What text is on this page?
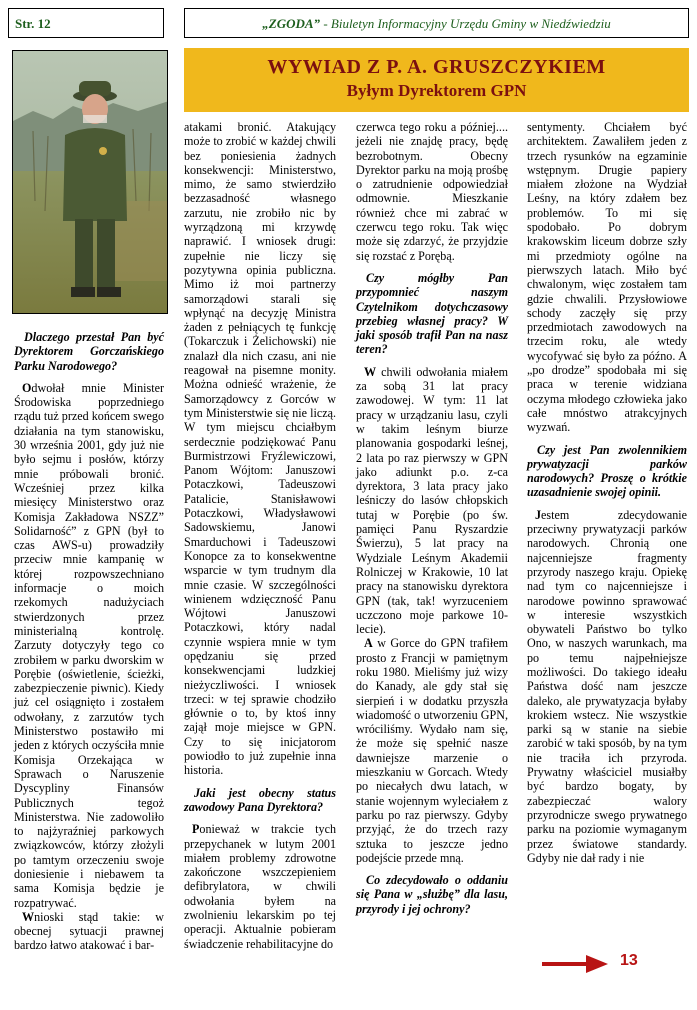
Str. 12	„ZGODA” - Biuletyn Informacyjny Urzędu Gminy w Niedźwiedziu
WYWIAD Z P. A. GRUSZCZYKIEM
Byłym Dyrektorem GPN

Dlaczego przestał Pan być Dyrektorem Gorczańskiego Parku Narodowego?

Odwołał mnie Minister Środowiska poprzedniego rządu tuż przed końcem swego działania na tym stanowisku, 30 września 2001, gdy już nie było sejmu i posłów, którzy mnie próbowali bronić. Wcześniej przez kilka miesięcy Ministerstwo oraz Komisja Zakładowa NSZZ” Solidarność” z GPN (był to czas AWS-u) prowadziły przeciw mnie kampanię w której rozpowszechniano informacje o moich rzekomych nadużyciach stwierdzonych przez ministerialną kontrolę. Zarzuty dotyczyły tego co zrobiłem w parku dworskim w Porębie (oświetlenie, ścieżki, zabezpieczenie piwnic). Kiedy już cel osiągnięto i zostałem odwołany, z zarzutów tych Ministerstwo postawiło mi jeden z których oczyściła mnie Komisja Orzekająca w Sprawach o Naruszenie Dyscypliny Finansów Publicznych tegoż Ministerstwa. Nie zadowoliło to najżyraźniej parkowych związkowców, którzy złożyli po tamtym orzeczeniu swoje doniesienie i niebawem ta sama Komisja będzie je rozpatrywać.

Wnioski stąd takie: w obecnej sytuacji prawnej bardzo łatwo atakować i bar-

atakami bronić. Atakujący może to zrobić w każdej chwili bez poniesienia żadnych konsekwencji: Ministerstwo, mimo, że samo stwierdziło bezzasadność własnego zarzutu, nie zrobiło nic by wyrządzoną mi krzywdę naprawić. I wniosek drugi: zupełnie nie liczy się pozytywna opinia publiczna. Mimo iż moi partnerzy samorządowi starali się wpłynąć na decyzję Ministra żaden z pełniących tę funkcję (Tokarczuk i Żelichowski) nie znalazł dla nich czasu, ani nie reagował na pisemne monity. Można odnieść wrażenie, że Samorządowcy z Gorców w tym Ministerstwie się nie liczą. W tym miejscu chciałbym serdecznie podziękować Panu Burmistrzowi Fryźlewiczowi, Panom Wójtom: Januszowi Potaczkowi, Tadeuszowi Patalicie, Stanisławowi Potaczkowi, Władysławowi Sadowskiemu, Janowi Smarduchowi i Tadeuszowi Konopce za to konsekwentne wsparcie w tym trudnym dla mnie czasie. W szczególności winienem wdzięczność Panu Wójtowi Januszowi Potaczkowi, który nadal czynnie wspiera mnie w tym opędzaniu się przed konsekwencjami ludzkiej nieżyczliwości. I wniosek trzeci: w tej sprawie chodziło głównie o to, by ktoś inny zajął moje miejsce w GPN. Czy to się inicjatorom powiodło to już zupełnie inna historia.

Jaki jest obecny status zawodowy Pana Dyrektora?

Ponieważ w trakcie tych przepychanek w lutym 2001 miałem problemy zdrowotne zakończone wszczepieniem defibrylatora, w chwili odwołania byłem na zwolnieniu lekarskim po tej operacji. Aktualnie pobieram świadczenie rehabilitacyjne do

czerwca tego roku a później.... jeżeli nie znajdę pracy, będę bezrobotnym. Obecny Dyrektor parku na moją prośbę o zatrudnienie odpowiedział odmownie. Mieszkanie również chce mi zabrać w czerwcu tego roku. Tak więc może się zdarzyć, że przyjdzie się rozstać z Porębą.

Czy mógłby Pan przypomnieć naszym Czytelnikom dotychczasowy przebieg własnej pracy? W jaki sposób trafił Pan na nasz teren?

W chwili odwołania miałem za sobą 31 lat pracy zawodowej. W tym: 11 lat pracy w urządzaniu lasu, czyli w takim leśnym biurze planowania gospodarki leśnej, 2 lata po raz pierwszy w GPN jako adiunkt p.o. z-ca dyrektora, 3 lata pracy jako leśniczy do lasów chłopskich tutaj w Porębie (po św. pamięci Panu Ryszardzie Świerzu), 5 lat pracy na Wydziale Leśnym Akademii Rolniczej w Krakowie, 10 lat pracy na stanowisku dyrektora GPN (tak, tak! wyrzuceniem uczczono moje parkowe 10-lecie).

A w Gorce do GPN trafiłem prosto z Francji w pamiętnym roku 1980. Mieliśmy już wizy do Kanady, ale gdy stał się sierpień i w dodatku przyszła wiadomość o utworzeniu GPN, wróciliśmy. Wydało nam się, że może się spełnić nasze dawniejsze marzenie o mieszkaniu w Gorcach. Wtedy po niecałych dwu latach, w stanie wojennym wyleciałem z parku po raz pierwszy. Gdyby przyjąć, że do trzech razy sztuka to jeszcze jedno podejście przede mną.

Co zdecydowało o oddaniu się Pana w „służbę” dla lasu, przyrody i jej ochrony?

sentymenty. Chciałem być architektem. Zawaliłem jeden z trzech rysunków na egzaminie wstępnym. Drugie papiery miałem złożone na Wydział Leśny, na który zdałem bez problemów. To mi się spodobało. Po dobrym krakowskim liceum dobrze szły mi przedmioty ogólne na pierwszych latach. Miło być chwalonym, więc zostałem tam gdzie chwalili. Przysłowiowe schody zaczęły się przy przedmiotach zawodowych na trzecim roku, ale wtedy wycofywać się było za późno. A „po drodze” spodobała mi się praca w terenie widziana oczyma młodego człowieka jako całe mnóstwo atrakcyjnych wyzwań.

Czy jest Pan zwolennikiem prywatyzacji parków narodowych? Proszę o krótkie uzasadnienie swojej opinii.

Jestem zdecydowanie przeciwny prywatyzacji parków narodowych. Chronią one najcenniejsze fragmenty przyrody naszego kraju. Opiekę nad tym co najcenniejsze i narodowe powinno sprawować w interesie wszystkich obywateli Państwo bo tylko Ono, w naszych warunkach, ma po temu najpełniejsze możliwości. Do takiego ideału Państwa dość nam jeszcze daleko, ale prywatyzacja byłaby krokiem wstecz. Nie wszystkie parki są w stanie na siebie zarobić w taki sposób, by na tym nie traciła ich przyroda. Prywatny właściciel musiałby być bardzo bogaty, by zabezpieczać walory przyrodnicze swego prywatnego parku na poziomie wymaganym przez światowe standardy. Gdyby nie dał rady i nie

13
